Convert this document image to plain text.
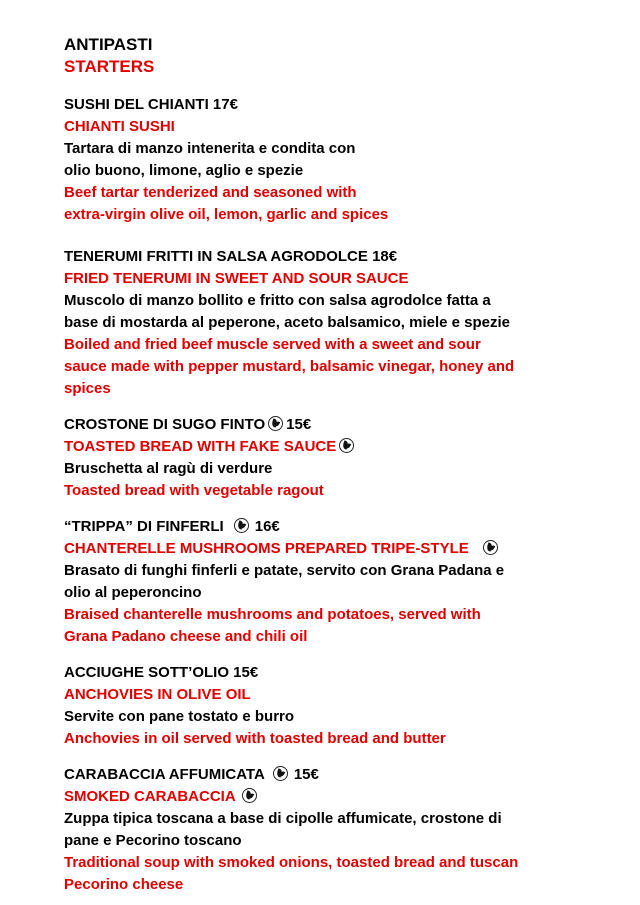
ANTIPASTI
STARTERS
SUSHI DEL CHIANTI 17€
CHIANTI SUSHI
Tartara di manzo intenerita e condita con
olio buono, limone, aglio e spezie
Beef tartar tenderized and seasoned with
extra-virgin olive oil, lemon, garlic and spices
TENERUMI FRITTI IN SALSA AGRODOLCE 18€
FRIED TENERUMI IN SWEET AND SOUR SAUCE
Muscolo di manzo bollito e fritto con salsa agrodolce fatta a
base di mostarda al peperone, aceto balsamico, miele e spezie
Boiled and fried beef muscle served with a sweet and sour
sauce made with pepper mustard, balsamic vinegar, honey and
spices
CROSTONE DI SUGO FINTO 15€
TOASTED BREAD WITH FAKE SAUCE
Bruschetta al ragù di verdure
Toasted bread with vegetable ragout
“TRIPPA” DI FINFERLI 16€
CHANTERELLE MUSHROOMS PREPARED TRIPE-STYLE
Brasato di funghi finferli e patate, servito con Grana Padana e
olio al peperoncino
Braised chanterelle mushrooms and potatoes, served with
Grana Padano cheese and chili oil
ACCIUGHE SOTT’OLIO 15€
ANCHOVIES IN OLIVE OIL
Servite con pane tostato e burro
Anchovies in oil served with toasted bread and butter
CARABACCIA AFFUMICATA 15€
SMOKED CARABACCIA
Zuppa tipica toscana a base di cipolle affumicate, crostone di
pane e Pecorino toscano
Traditional soup with smoked onions, toasted bread and tuscan
Pecorino cheese
